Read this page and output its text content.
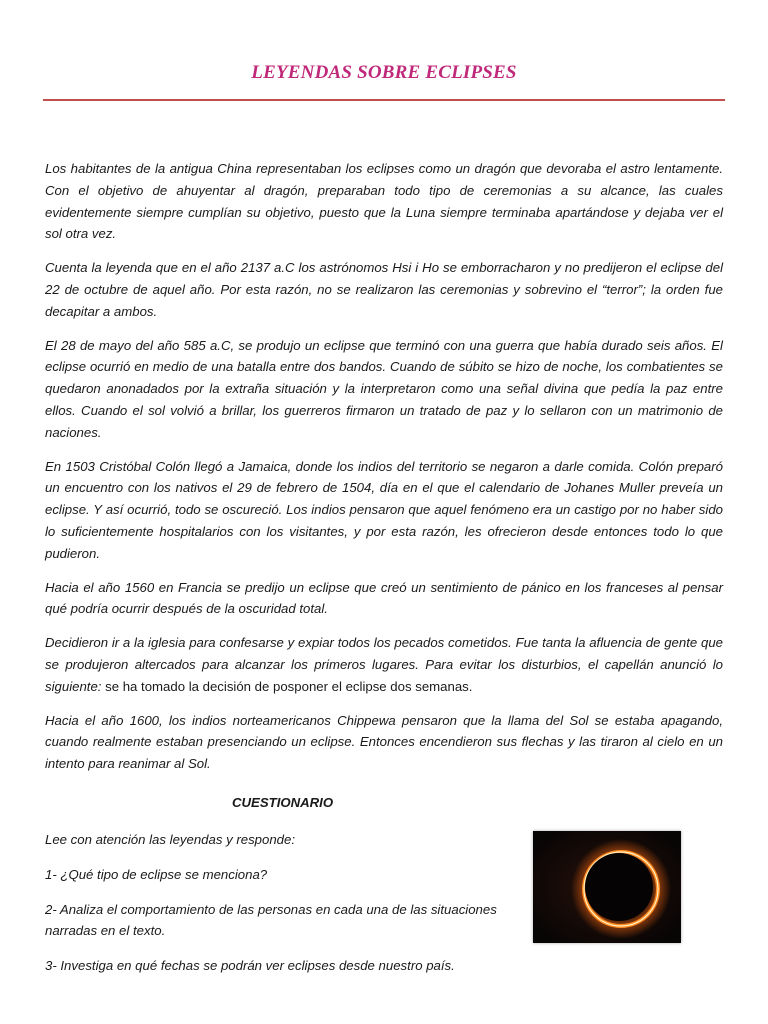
LEYENDAS SOBRE ECLIPSES

Los habitantes de la antigua China representaban los eclipses como un dragón que devoraba el astro lentamente. Con el objetivo de ahuyentar al dragón, preparaban todo tipo de ceremonias a su alcance, las cuales evidentemente siempre cumplían su objetivo, puesto que la Luna siempre terminaba apartándose y dejaba ver el sol otra vez.

Cuenta la leyenda que en el año 2137 a.C los astrónomos Hsi i Ho se emborracharon y no predijeron el eclipse del 22 de octubre de aquel año. Por esta razón, no se realizaron las ceremonias y sobrevino el “terror”; la orden fue decapitar a ambos.

El 28 de mayo del año 585 a.C, se produjo un eclipse que terminó con una guerra que había durado seis años. El eclipse ocurrió en medio de una batalla entre dos bandos. Cuando de súbito se hizo de noche, los combatientes se quedaron anonadados por la extraña situación y la interpretaron como una señal divina que pedía la paz entre ellos. Cuando el sol volvió a brillar, los guerreros firmaron un tratado de paz y lo sellaron con un matrimonio de naciones.

En 1503 Cristóbal Colón llegó a Jamaica, donde los indios del territorio se negaron a darle comida. Colón preparó un encuentro con los nativos el 29 de febrero de 1504, día en el que el calendario de Johanes Muller preveía un eclipse. Y así ocurrió, todo se oscureció. Los indios pensaron que aquel fenómeno era un castigo por no haber sido lo suficientemente hospitalarios con los visitantes, y por esta razón, les ofrecieron desde entonces todo lo que pudieron.

Hacia el año 1560 en Francia se predijo un eclipse que creó un sentimiento de pánico en los franceses al pensar qué podría ocurrir después de la oscuridad total.

Decidieron ir a la iglesia para confesarse y expiar todos los pecados cometidos. Fue tanta la afluencia de gente que se produjeron altercados para alcanzar los primeros lugares. Para evitar los disturbios, el capellán anunció lo siguiente: se ha tomado la decisión de posponer el eclipse dos semanas.

Hacia el año 1600, los indios norteamericanos Chippewa pensaron que la llama del Sol se estaba apagando, cuando realmente estaban presenciando un eclipse. Entonces encendieron sus flechas y las tiraron al cielo en un intento para reanimar al Sol.

CUESTIONARIO

Lee con atención las leyendas y responde:

1- ¿Qué tipo de eclipse se menciona?

2- Analiza el comportamiento de las personas en cada una de las situaciones narradas en el texto.

3- Investiga en qué fechas se podrán ver eclipses desde nuestro país.
